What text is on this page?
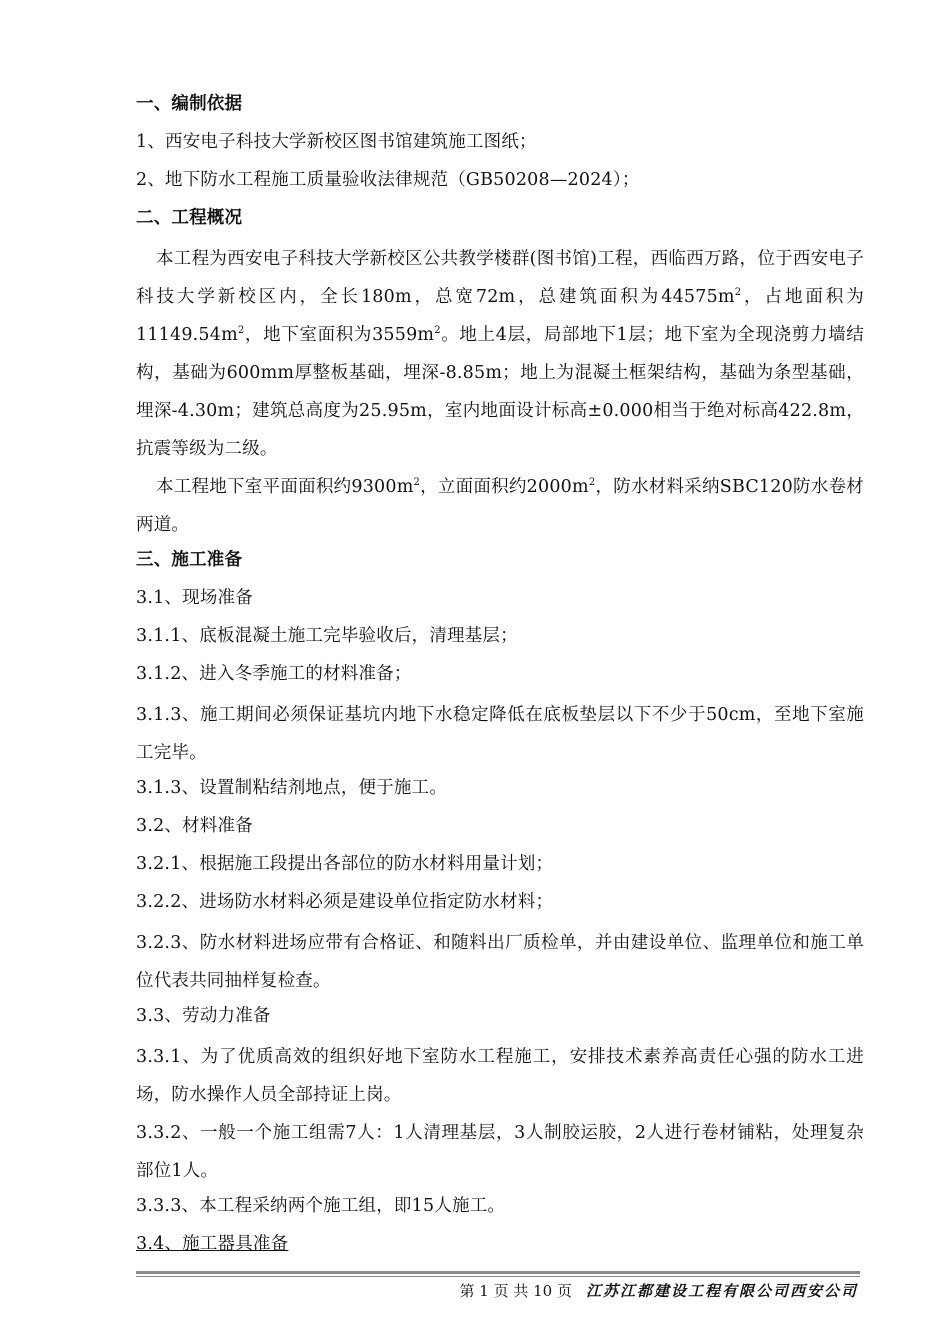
一、编制依据
1、西安电子科技大学新校区图书馆建筑施工图纸；
2、地下防水工程施工质量验收法律规范（GB50208—2024）；
二、工程概况

本工程为西安电子科技大学新校区公共教学楼群(图书馆)工程，西临西万路，位于西安电子科技大学新校区内，全长180m，总宽72m，总建筑面积为$44575m^2$，占地面积为$11149.54m^2$，地下室面积为$3559m^2$。地上4层，局部地下1层；地下室为全现浇剪力墙结构，基础为600mm厚整板基础，埋深-8.85m；地上为混凝土框架结构，基础为条型基础，埋深-4.30m；建筑总高度为25.95m，室内地面设计标高±0.000相当于绝对标高422.8m，抗震等级为二级。

本工程地下室平面面积约$9300m^2$，立面面积约$2000m^2$，防水材料采纳SBC120防水卷材两道。

三、施工准备
3.1、现场准备
3.1.1、底板混凝土施工完毕验收后，清理基层；
3.1.2、进入冬季施工的材料准备；

3.1.3、施工期间必须保证基坑内地下水稳定降低在底板垫层以下不少于50cm，至地下室施工完毕。

3.1.3、设置制粘结剂地点，便于施工。
3.2、材料准备
3.2.1、根据施工段提出各部位的防水材料用量计划；
3.2.2、进场防水材料必须是建设单位指定防水材料；

3.2.3、防水材料进场应带有合格证、和随料出厂质检单，并由建设单位、监理单位和施工单位代表共同抽样复检查。

3.3、劳动力准备

3.3.1、为了优质高效的组织好地下室防水工程施工，安排技术素养高责任心强的防水工进场，防水操作人员全部持证上岗。

3.3.2、一般一个施工组需7人：1人清理基层，3人制胶运胶，2人进行卷材铺粘，处理复杂部位1人。

3.3.3、本工程采纳两个施工组，即15人施工。
3.4、施工器具准备
第 1 页 共 10 页 江苏江都建设工程有限公司西安公司
